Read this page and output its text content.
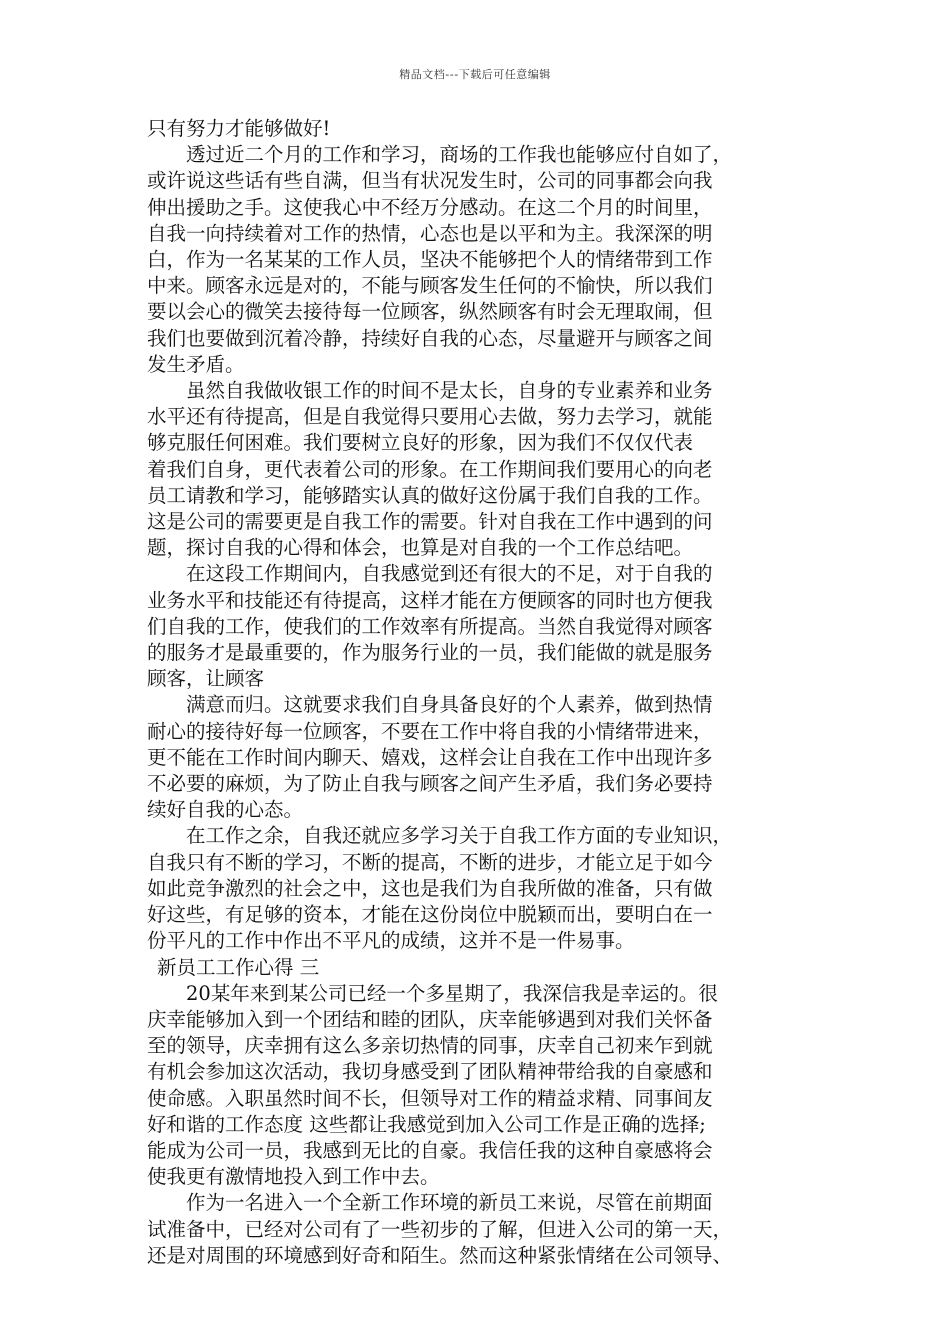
精品文档---下载后可任意编辑
只有努力才能够做好!
透过近二个月的工作和学习，商场的工作我也能够应付自如了，
或许说这些话有些自满，但当有状况发生时，公司的同事都会向我
伸出援助之手。这使我心中不经万分感动。在这二个月的时间里，
自我一向持续着对工作的热情，心态也是以平和为主。我深深的明
白，作为一名某某的工作人员，坚决不能够把个人的情绪带到工作
中来。顾客永远是对的，不能与顾客发生任何的不愉快，所以我们
要以会心的微笑去接待每一位顾客，纵然顾客有时会无理取闹，但
我们也要做到沉着冷静，持续好自我的心态，尽量避开与顾客之间
发生矛盾。
虽然自我做收银工作的时间不是太长，自身的专业素养和业务
水平还有待提高，但是自我觉得只要用心去做，努力去学习，就能
够克服任何困难。我们要树立良好的形象，因为我们不仅仅代表
着我们自身，更代表着公司的形象。在工作期间我们要用心的向老
员工请教和学习，能够踏实认真的做好这份属于我们自我的工作。
这是公司的需要更是自我工作的需要。针对自我在工作中遇到的问
题，探讨自我的心得和体会，也算是对自我的一个工作总结吧。
在这段工作期间内，自我感觉到还有很大的不足，对于自我的
业务水平和技能还有待提高，这样才能在方便顾客的同时也方便我
们自我的工作，使我们的工作效率有所提高。当然自我觉得对顾客
的服务才是最重要的，作为服务行业的一员，我们能做的就是服务
顾客，让顾客
满意而归。这就要求我们自身具备良好的个人素养，做到热情
耐心的接待好每一位顾客，不要在工作中将自我的小情绪带进来，
更不能在工作时间内聊天、嬉戏，这样会让自我在工作中出现许多
不必要的麻烦，为了防止自我与顾客之间产生矛盾，我们务必要持
续好自我的心态。
在工作之余，自我还就应多学习关于自我工作方面的专业知识，
自我只有不断的学习，不断的提高，不断的进步，才能立足于如今
如此竞争激烈的社会之中，这也是我们为自我所做的准备，只有做
好这些，有足够的资本，才能在这份岗位中脱颖而出，要明白在一
份平凡的工作中作出不平凡的成绩，这并不是一件易事。
新员工工作心得 三
20某年来到某公司已经一个多星期了，我深信我是幸运的。很
庆幸能够加入到一个团结和睦的团队，庆幸能够遇到对我们关怀备
至的领导，庆幸拥有这么多亲切热情的同事，庆幸自己初来乍到就
有机会参加这次活动，我切身感受到了团队精神带给我的自豪感和
使命感。入职虽然时间不长，但领导对工作的精益求精、同事间友
好和谐的工作态度 这些都让我感觉到加入公司工作是正确的选择;
能成为公司一员，我感到无比的自豪。我信任我的这种自豪感将会
使我更有激情地投入到工作中去。
作为一名进入一个全新工作环境的新员工来说，尽管在前期面
试准备中，已经对公司有了一些初步的了解，但进入公司的第一天，
还是对周围的环境感到好奇和陌生。然而这种紧张情绪在公司领导、
